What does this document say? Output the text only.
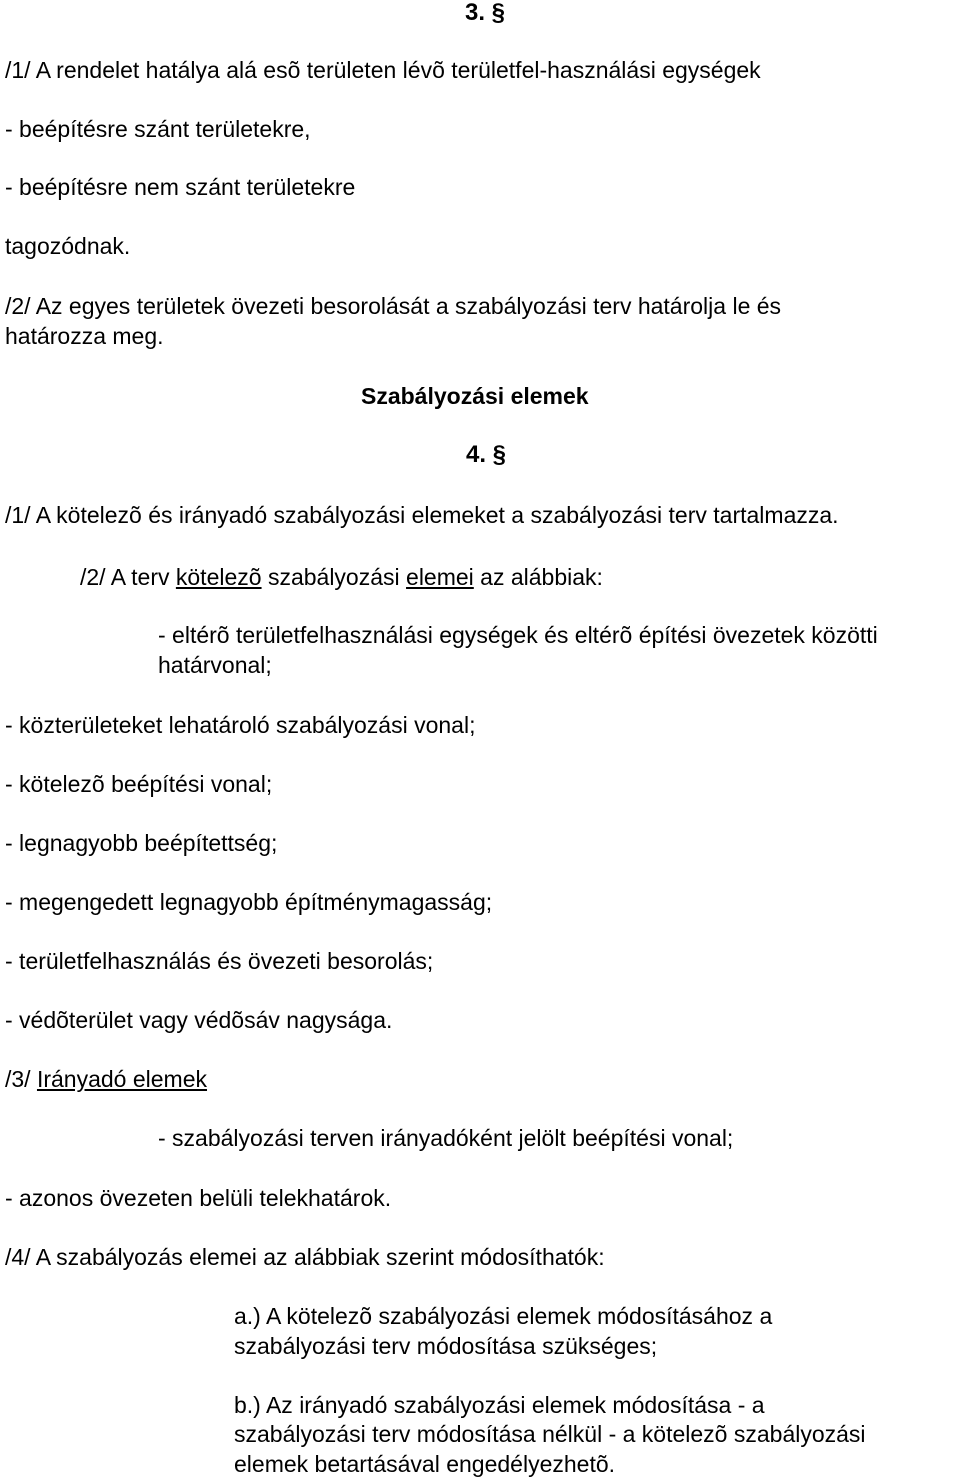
3. §
/1/ A rendelet hatálya alá esõ területen lévõ területfel-használási egységek
- beépítésre szánt területekre,
- beépítésre nem szánt területekre
tagozódnak.
/2/ Az egyes területek övezeti besorolását a szabályozási terv határolja le és
határozza meg.
Szabályozási elemek
4. §
/1/ A kötelezõ és irányadó szabályozási elemeket a szabályozási terv tartalmazza.
/2/ A terv kötelezõ szabályozási elemei az alábbiak:
- eltérõ területfelhasználási egységek és eltérõ építési övezetek közötti
határvonal;
- közterületeket lehatároló szabályozási vonal;
- kötelezõ beépítési vonal;
- legnagyobb beépítettség;
- megengedett legnagyobb építménymagasság;
- területfelhasználás és övezeti besorolás;
- védõterület vagy védõsáv nagysága.
/3/ Irányadó elemek
- szabályozási terven irányadóként jelölt beépítési vonal;
- azonos övezeten belüli telekhatárok.
/4/ A szabályozás elemei az alábbiak szerint módosíthatók:
a.) A kötelezõ szabályozási elemek módosításához a
szabályozási terv módosítása szükséges;
b.) Az irányadó szabályozási elemek módosítása - a
szabályozási terv módosítása nélkül - a kötelezõ szabályozási
elemek betartásával engedélyezhetõ.
